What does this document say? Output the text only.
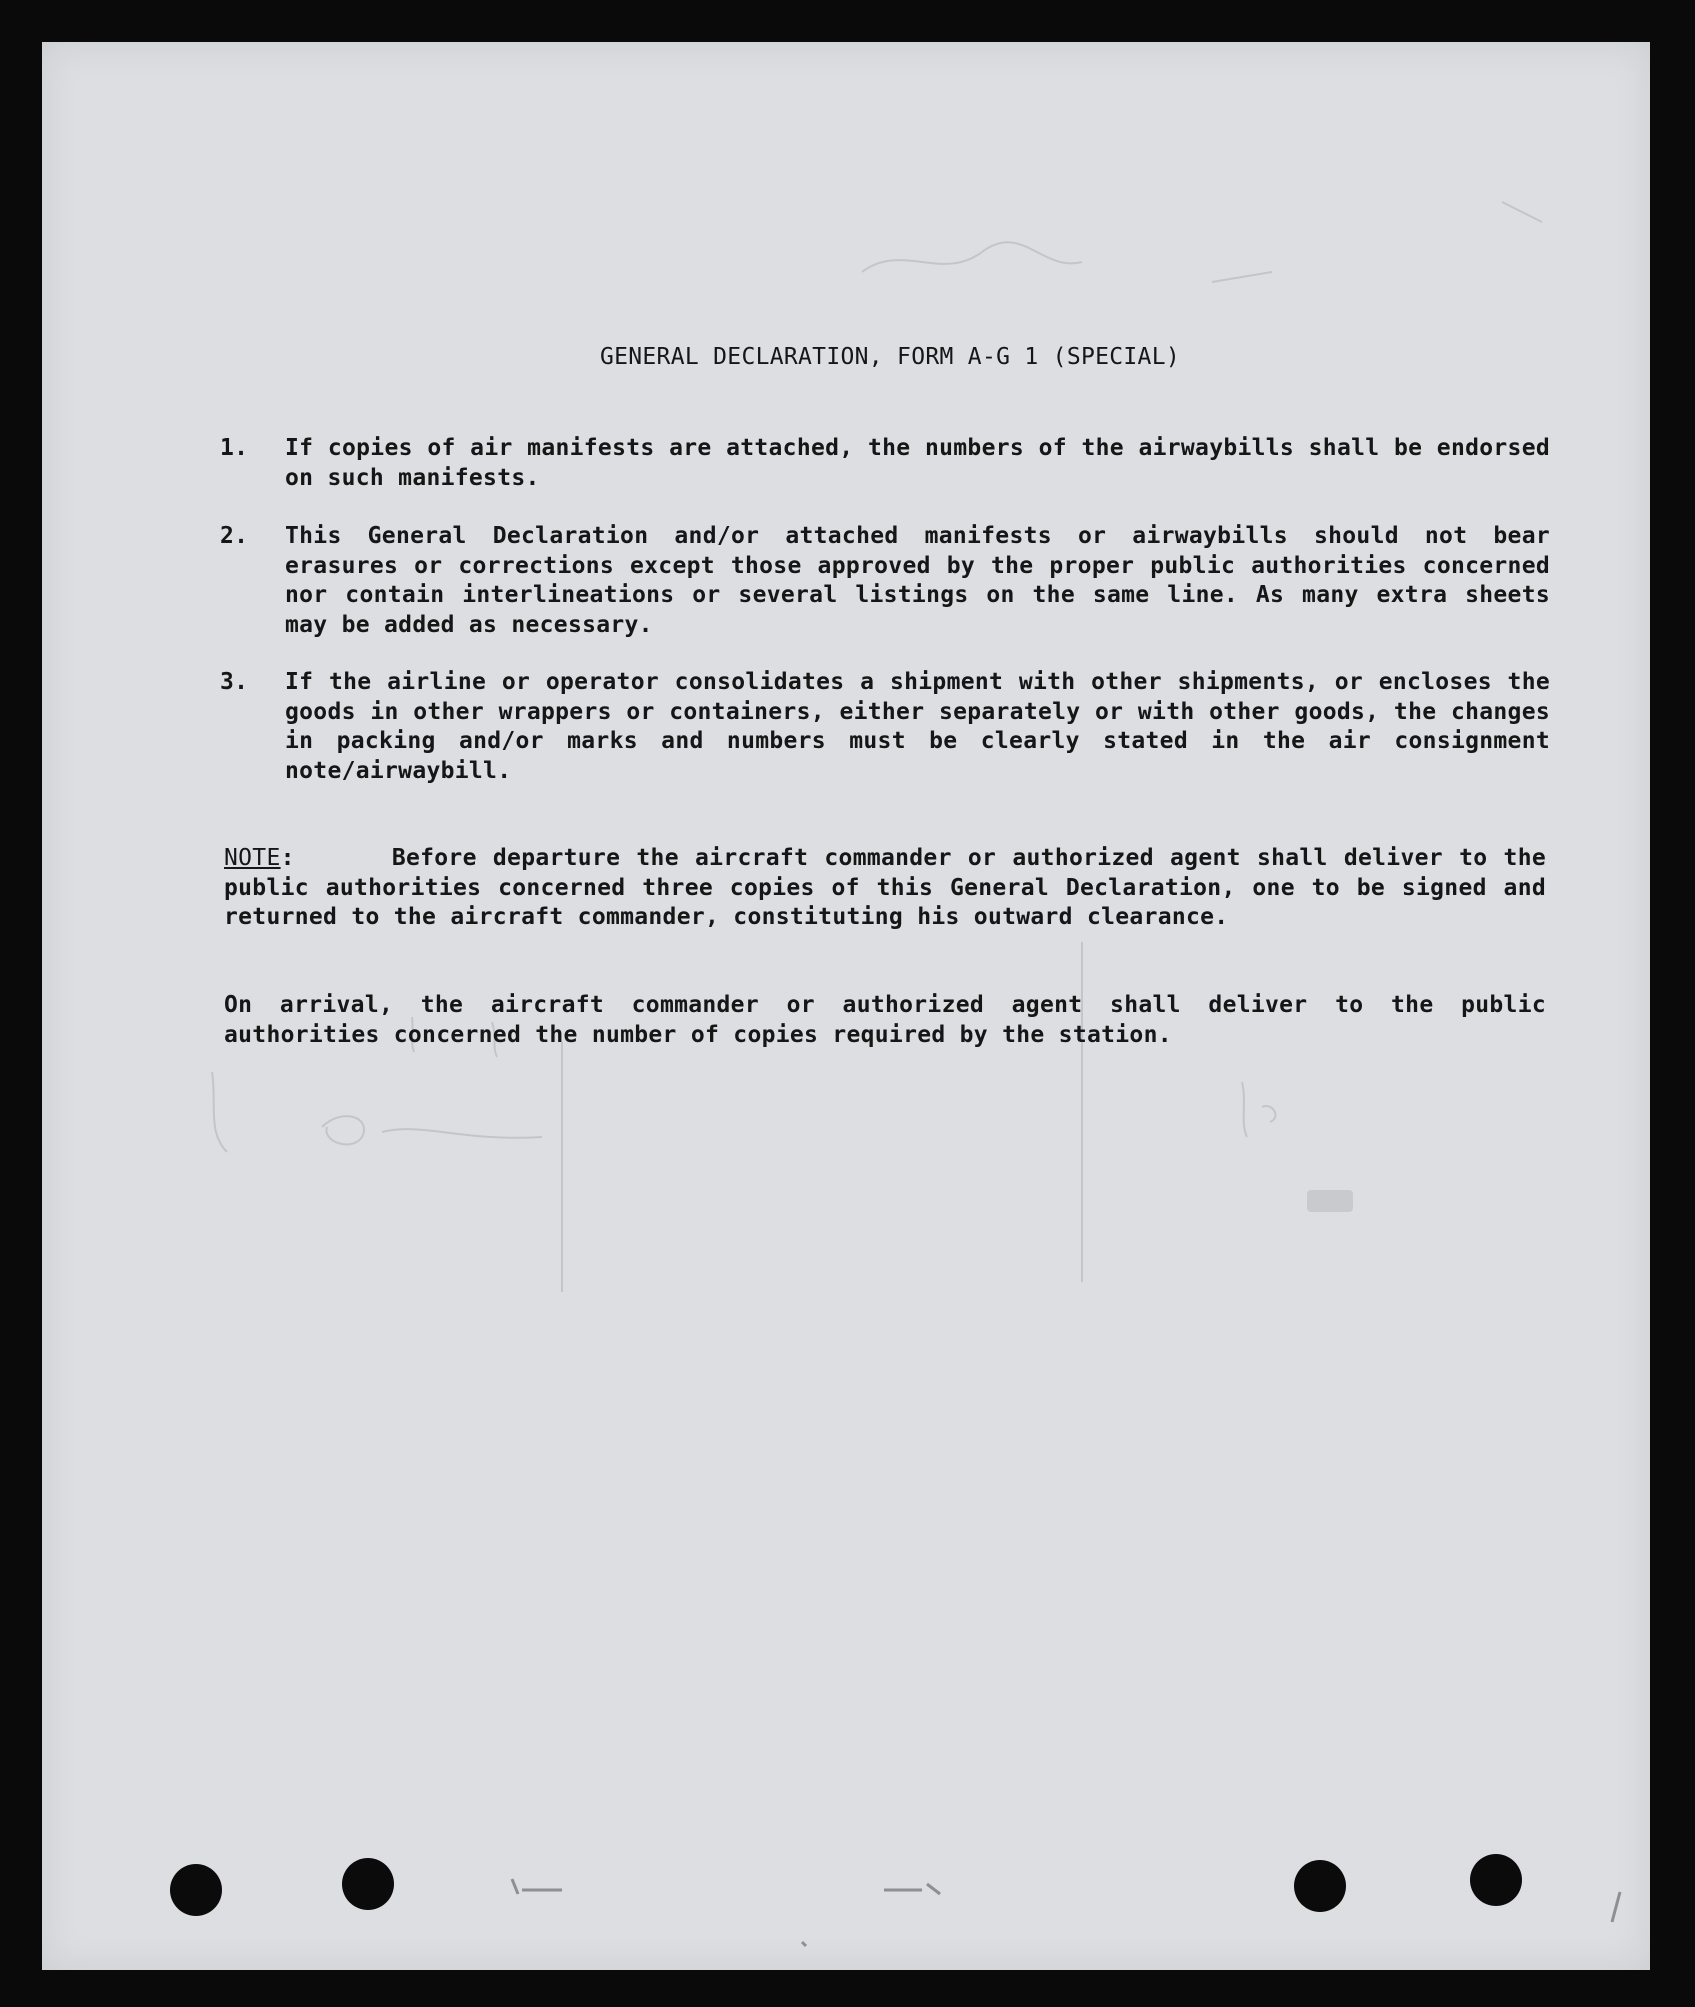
GENERAL DECLARATION, FORM A-G 1 (SPECIAL)
1.	If copies of air manifests are attached, the numbers of the airwaybills shall be endorsed on such manifests.
2.	This General Declaration and/or attached manifests or airwaybills should not bear erasures or corrections except those approved by the proper public authorities concerned nor contain interlineations or several listings on the same line. As many extra sheets may be added as necessary.
3.	If the airline or operator consolidates a shipment with other shipments, or encloses the goods in other wrappers or containers, either separately or with other goods, the changes in packing and/or marks and numbers must be clearly stated in the air consignment note/airwaybill.
NOTE:      Before departure the aircraft commander or authorized agent shall deliver to the public authorities concerned three copies of this General Declaration, one to be signed and returned to the aircraft commander, constituting his outward clearance.
On arrival, the aircraft commander or authorized agent shall deliver to the public authorities concerned the number of copies required by the station.
